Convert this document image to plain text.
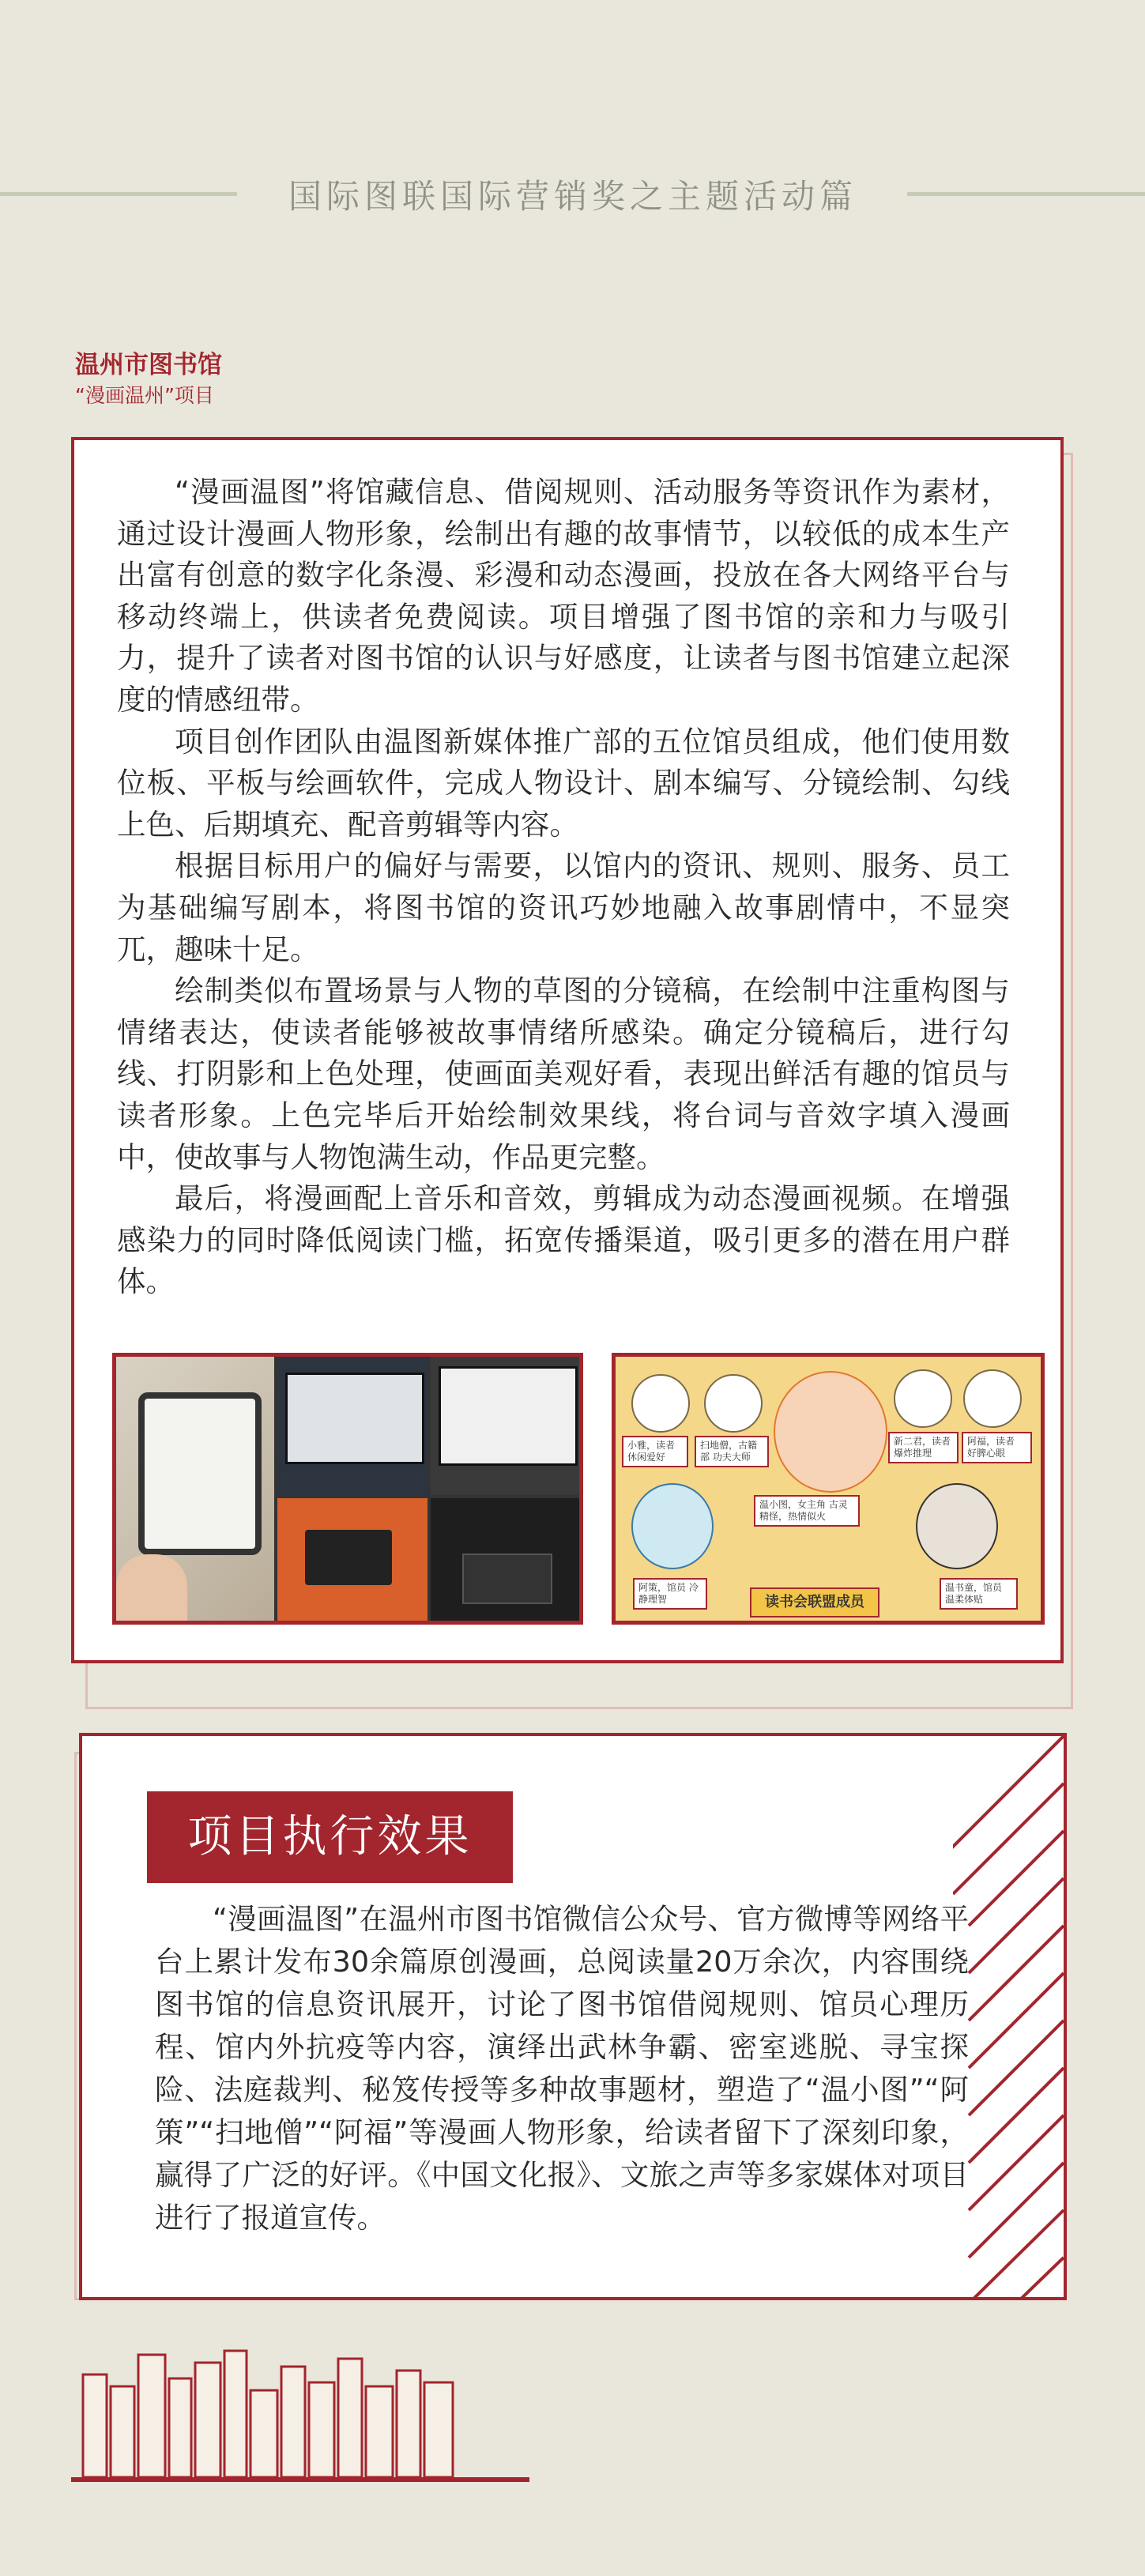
国际图联国际营销奖之主题活动篇
温州市图书馆
“漫画温州”项目

“漫画温图”将馆藏信息、借阅规则、活动服务等资讯作为素材，通过设计漫画人物形象，绘制出有趣的故事情节，以较低的成本生产出富有创意的数字化条漫、彩漫和动态漫画，投放在各大网络平台与移动终端上，供读者免费阅读。项目增强了图书馆的亲和力与吸引力，提升了读者对图书馆的认识与好感度，让读者与图书馆建立起深度的情感纽带。

项目创作团队由温图新媒体推广部的五位馆员组成，他们使用数位板、平板与绘画软件，完成人物设计、剧本编写、分镜绘制、勾线上色、后期填充、配音剪辑等内容。

根据目标用户的偏好与需要，以馆内的资讯、规则、服务、员工为基础编写剧本，将图书馆的资讯巧妙地融入故事剧情中，不显突兀，趣味十足。

绘制类似布置场景与人物的草图的分镜稿，在绘制中注重构图与情绪表达，使读者能够被故事情绪所感染。确定分镜稿后，进行勾线、打阴影和上色处理，使画面美观好看，表现出鲜活有趣的馆员与读者形象。上色完毕后开始绘制效果线，将台词与音效字填入漫画中，使故事与人物饱满生动，作品更完整。

最后，将漫画配上音乐和音效，剪辑成为动态漫画视频。在增强感染力的同时降低阅读门槛，拓宽传播渠道，吸引更多的潜在用户群体。

小雅，读者 休闲爱好
扫地僧，古籍部 功夫大师
温小图，女主角 古灵精怪，热情似火
新二君，读者 爆炸推理
阿福，读者 好脾心眼
阿策，馆员 冷静理智
温书童，馆员 温柔体贴
读书会联盟成员
项目执行效果

“漫画温图”在温州市图书馆微信公众号、官方微博等网络平台上累计发布30余篇原创漫画，总阅读量20万余次，内容围绕图书馆的信息资讯展开，讨论了图书馆借阅规则、馆员心理历程、馆内外抗疫等内容，演绎出武林争霸、密室逃脱、寻宝探险、法庭裁判、秘笈传授等多种故事题材，塑造了“温小图”“阿策”“扫地僧”“阿福”等漫画人物形象，给读者留下了深刻印象，赢得了广泛的好评。《中国文化报》、文旅之声等多家媒体对项目进行了报道宣传。
